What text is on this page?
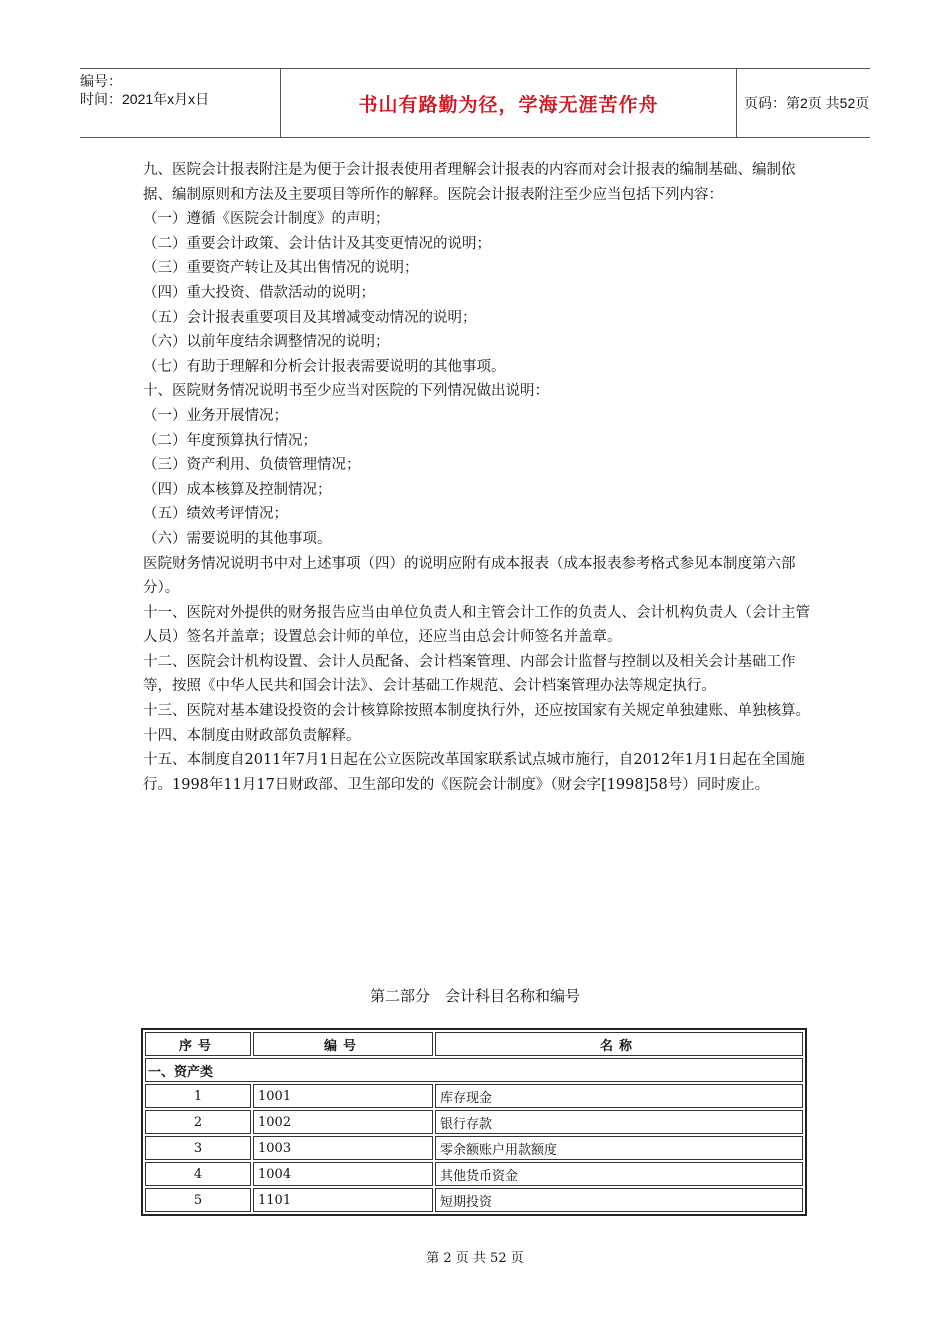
编号：
时间：2021年x月x日	书山有路勤为径，学海无涯苦作舟	页码：第2页 共52页

九、医院会计报表附注是为便于会计报表使用者理解会计报表的内容而对会计报表的编制基础、编制依据、编制原则和方法及主要项目等所作的解释。医院会计报表附注至少应当包括下列内容：

（一）遵循《医院会计制度》的声明；

（二）重要会计政策、会计估计及其变更情况的说明；

（三）重要资产转让及其出售情况的说明；

（四）重大投资、借款活动的说明；

（五）会计报表重要项目及其增减变动情况的说明；

（六）以前年度结余调整情况的说明；

（七）有助于理解和分析会计报表需要说明的其他事项。

十、医院财务情况说明书至少应当对医院的下列情况做出说明：

（一）业务开展情况；

（二）年度预算执行情况；

（三）资产利用、负债管理情况；

（四）成本核算及控制情况；

（五）绩效考评情况；

（六）需要说明的其他事项。

医院财务情况说明书中对上述事项（四）的说明应附有成本报表（成本报表参考格式参见本制度第六部分）。

十一、医院对外提供的财务报告应当由单位负责人和主管会计工作的负责人、会计机构负责人（会计主管人员）签名并盖章；设置总会计师的单位，还应当由总会计师签名并盖章。

十二、医院会计机构设置、会计人员配备、会计档案管理、内部会计监督与控制以及相关会计基础工作等，按照《中华人民共和国会计法》、会计基础工作规范、会计档案管理办法等规定执行。

十三、医院对基本建设投资的会计核算除按照本制度执行外，还应按国家有关规定单独建账、单独核算。

十四、本制度由财政部负责解释。

十五、本制度自2011年7月1日起在公立医院改革国家联系试点城市施行，自2012年1月1日起在全国施行。1998年11月17日财政部、卫生部印发的《医院会计制度》（财会字[1998]58号）同时废止。

第二部分　会计科目名称和编号
序号	编号	名称
一、资产类		
1	1001	库存现金
2	1002	银行存款
3	1003	零余额账户用款额度
4	1004	其他货币资金
5	1101	短期投资
第 2 页 共 52 页
